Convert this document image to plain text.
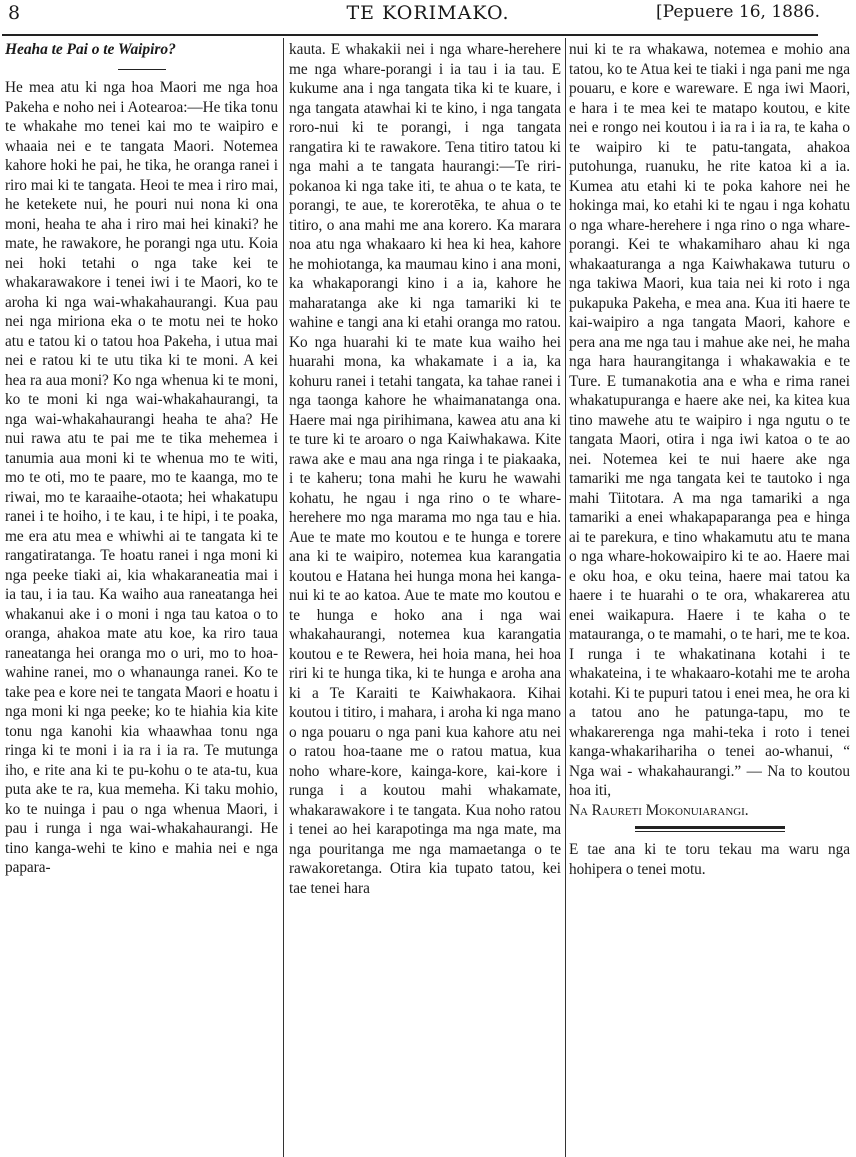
8	TE KORIMAKO.	[Pepuere 16, 1886.

Heaha te Pai o te Waipiro?

He mea atu ki nga hoa Maori me nga hoa Pakeha e noho nei i Aotearoa:—He tika tonu te whakahe mo tenei kai mo te waipiro e whaaia nei e te tangata Maori. Notemea kahore hoki he pai, he tika, he oranga ranei i riro mai ki te tangata. Heoi te mea i riro mai, he ketekete nui, he pouri nui nona ki ona moni, heaha te aha i riro mai hei kinaki? he mate, he rawakore, he porangi nga utu. Koia nei hoki tetahi o nga take kei te whakarawakore i tenei iwi i te Maori, ko te aroha ki nga wai-whakahaurangi. Kua pau nei nga miriona eka o te motu nei te hoko atu e tatou ki o tatou hoa Pakeha, i utua mai nei e ratou ki te utu tika ki te moni. A kei hea ra aua moni? Ko nga whenua ki te moni, ko te moni ki nga wai-whakahaurangi, ta nga wai-whakahaurangi heaha te aha? He nui rawa atu te pai me te tika mehemea i tanumia aua moni ki te whenua mo te witi, mo te oti, mo te paare, mo te kaanga, mo te riwai, mo te karaaihe-otaota; hei whakatupu ranei i te hoiho, i te kau, i te hipi, i te poaka, me era atu mea e whiwhi ai te tangata ki te rangatiratanga. Te hoatu ranei i nga moni ki nga peeke tiaki ai, kia whakaraneatia mai i ia tau, i ia tau. Ka waiho aua raneatanga hei whakanui ake i o moni i nga tau katoa o to oranga, ahakoa mate atu koe, ka riro taua raneatanga hei oranga mo o uri, mo to hoa-wahine ranei, mo o whanaunga ranei. Ko te take pea e kore nei te tangata Maori e hoatu i nga moni ki nga peeke; ko te hiahia kia kite tonu nga kanohi kia whaawhaa tonu nga ringa ki te moni i ia ra i ia ra. Te mutunga iho, e rite ana ki te pu-kohu o te ata-tu, kua puta ake te ra, kua memeha. Ki taku mohio, ko te nuinga i pau o nga whenua Maori, i pau i runga i nga wai-whakahaurangi. He tino kanga-wehi te kino e mahia nei e nga papara-

kauta. E whakakii nei i nga whare-herehere me nga whare-porangi i ia tau i ia tau. E kukume ana i nga tangata tika ki te kuare, i nga tangata atawhai ki te kino, i nga tangata roro-nui ki te porangi, i nga tangata rangatira ki te rawakore. Tena titiro tatou ki nga mahi a te tangata haurangi:—Te riri-pokanoa ki nga take iti, te ahua o te kata, te porangi, te aue, te korerotēka, te ahua o te titiro, o ana mahi me ana korero. Ka marara noa atu nga whakaaro ki hea ki hea, kahore he mohiotanga, ka maumau kino i ana moni, ka whakaporangi kino i a ia, kahore he maharatanga ake ki nga tamariki ki te wahine e tangi ana ki etahi oranga mo ratou. Ko nga huarahi ki te mate kua waiho hei huarahi mona, ka whakamate i a ia, ka kohuru ranei i tetahi tangata, ka tahae ranei i nga taonga kahore he whaimanatanga ona. Haere mai nga pirihimana, kawea atu ana ki te ture ki te aroaro o nga Kaiwhakawa. Kite rawa ake e mau ana nga ringa i te piakaaka, i te kaheru; tona mahi he kuru he wawahi kohatu, he ngau i nga rino o te whare-herehere mo nga marama mo nga tau e hia. Aue te mate mo koutou e te hunga e torere ana ki te waipiro, notemea kua karangatia koutou e Hatana hei hunga mona hei kanga-nui ki te ao katoa. Aue te mate mo koutou e te hunga e hoko ana i nga wai whakahaurangi, notemea kua karangatia koutou e te Rewera, hei hoia mana, hei hoa riri ki te hunga tika, ki te hunga e aroha ana ki a Te Karaiti te Kaiwhakaora. Kihai koutou i titiro, i mahara, i aroha ki nga mano o nga pouaru o nga pani kua kahore atu nei o ratou hoa-taane me o ratou matua, kua noho whare-kore, kainga-kore, kai-kore i runga i a koutou mahi whakamate, whakarawakore i te tangata. Kua noho ratou i tenei ao hei karapotinga ma nga mate, ma nga pouritanga me nga mamaetanga o te rawakoretanga. Otira kia tupato tatou, kei tae tenei hara

nui ki te ra whakawa, notemea e mohio ana tatou, ko te Atua kei te tiaki i nga pani me nga pouaru, e kore e wareware. E nga iwi Maori, e hara i te mea kei te matapo koutou, e kite nei e rongo nei koutou i ia ra i ia ra, te kaha o te waipiro ki te patu-tangata, ahakoa putohunga, ruanuku, he rite katoa ki a ia. Kumea atu etahi ki te poka kahore nei he hokinga mai, ko etahi ki te ngau i nga kohatu o nga whare-herehere i nga rino o nga whare-porangi. Kei te whakamiharo ahau ki nga whakaaturanga a nga Kaiwhakawa tuturu o nga takiwa Maori, kua taia nei ki roto i nga pukapuka Pakeha, e mea ana. Kua iti haere te kai-waipiro a nga tangata Maori, kahore e pera ana me nga tau i mahue ake nei, he maha nga hara haurangitanga i whakawakia e te Ture. E tumanakotia ana e wha e rima ranei whakatupuranga e haere ake nei, ka kitea kua tino mawehe atu te waipiro i nga ngutu o te tangata Maori, otira i nga iwi katoa o te ao nei. Notemea kei te nui haere ake nga tamariki me nga tangata kei te tautoko i nga mahi Tiitotara. A ma nga tamariki a nga tamariki a enei whakapaparanga pea e hinga ai te parekura, e tino whakamutu atu te mana o nga whare-hokowaipiro ki te ao. Haere mai e oku hoa, e oku teina, haere mai tatou ka haere i te huarahi o te ora, whakarerea atu enei waikapura. Haere i te kaha o te matauranga, o te mamahi, o te hari, me te koa. I runga i te whakatinana kotahi i te whakateina, i te whakaaro-kotahi me te aroha kotahi. Ki te pupuri tatou i enei mea, he ora ki a tatou ano he patunga-tapu, mo te whakarerenga nga mahi-teka i roto i tenei kanga-whakarihariha o tenei ao-whanui, “ Nga wai - whakahaurangi.” — Na to koutou hoa iti,

Na Raureti Mokonuiarangi.

E tae ana ki te toru tekau ma waru nga hohipera o tenei motu.
